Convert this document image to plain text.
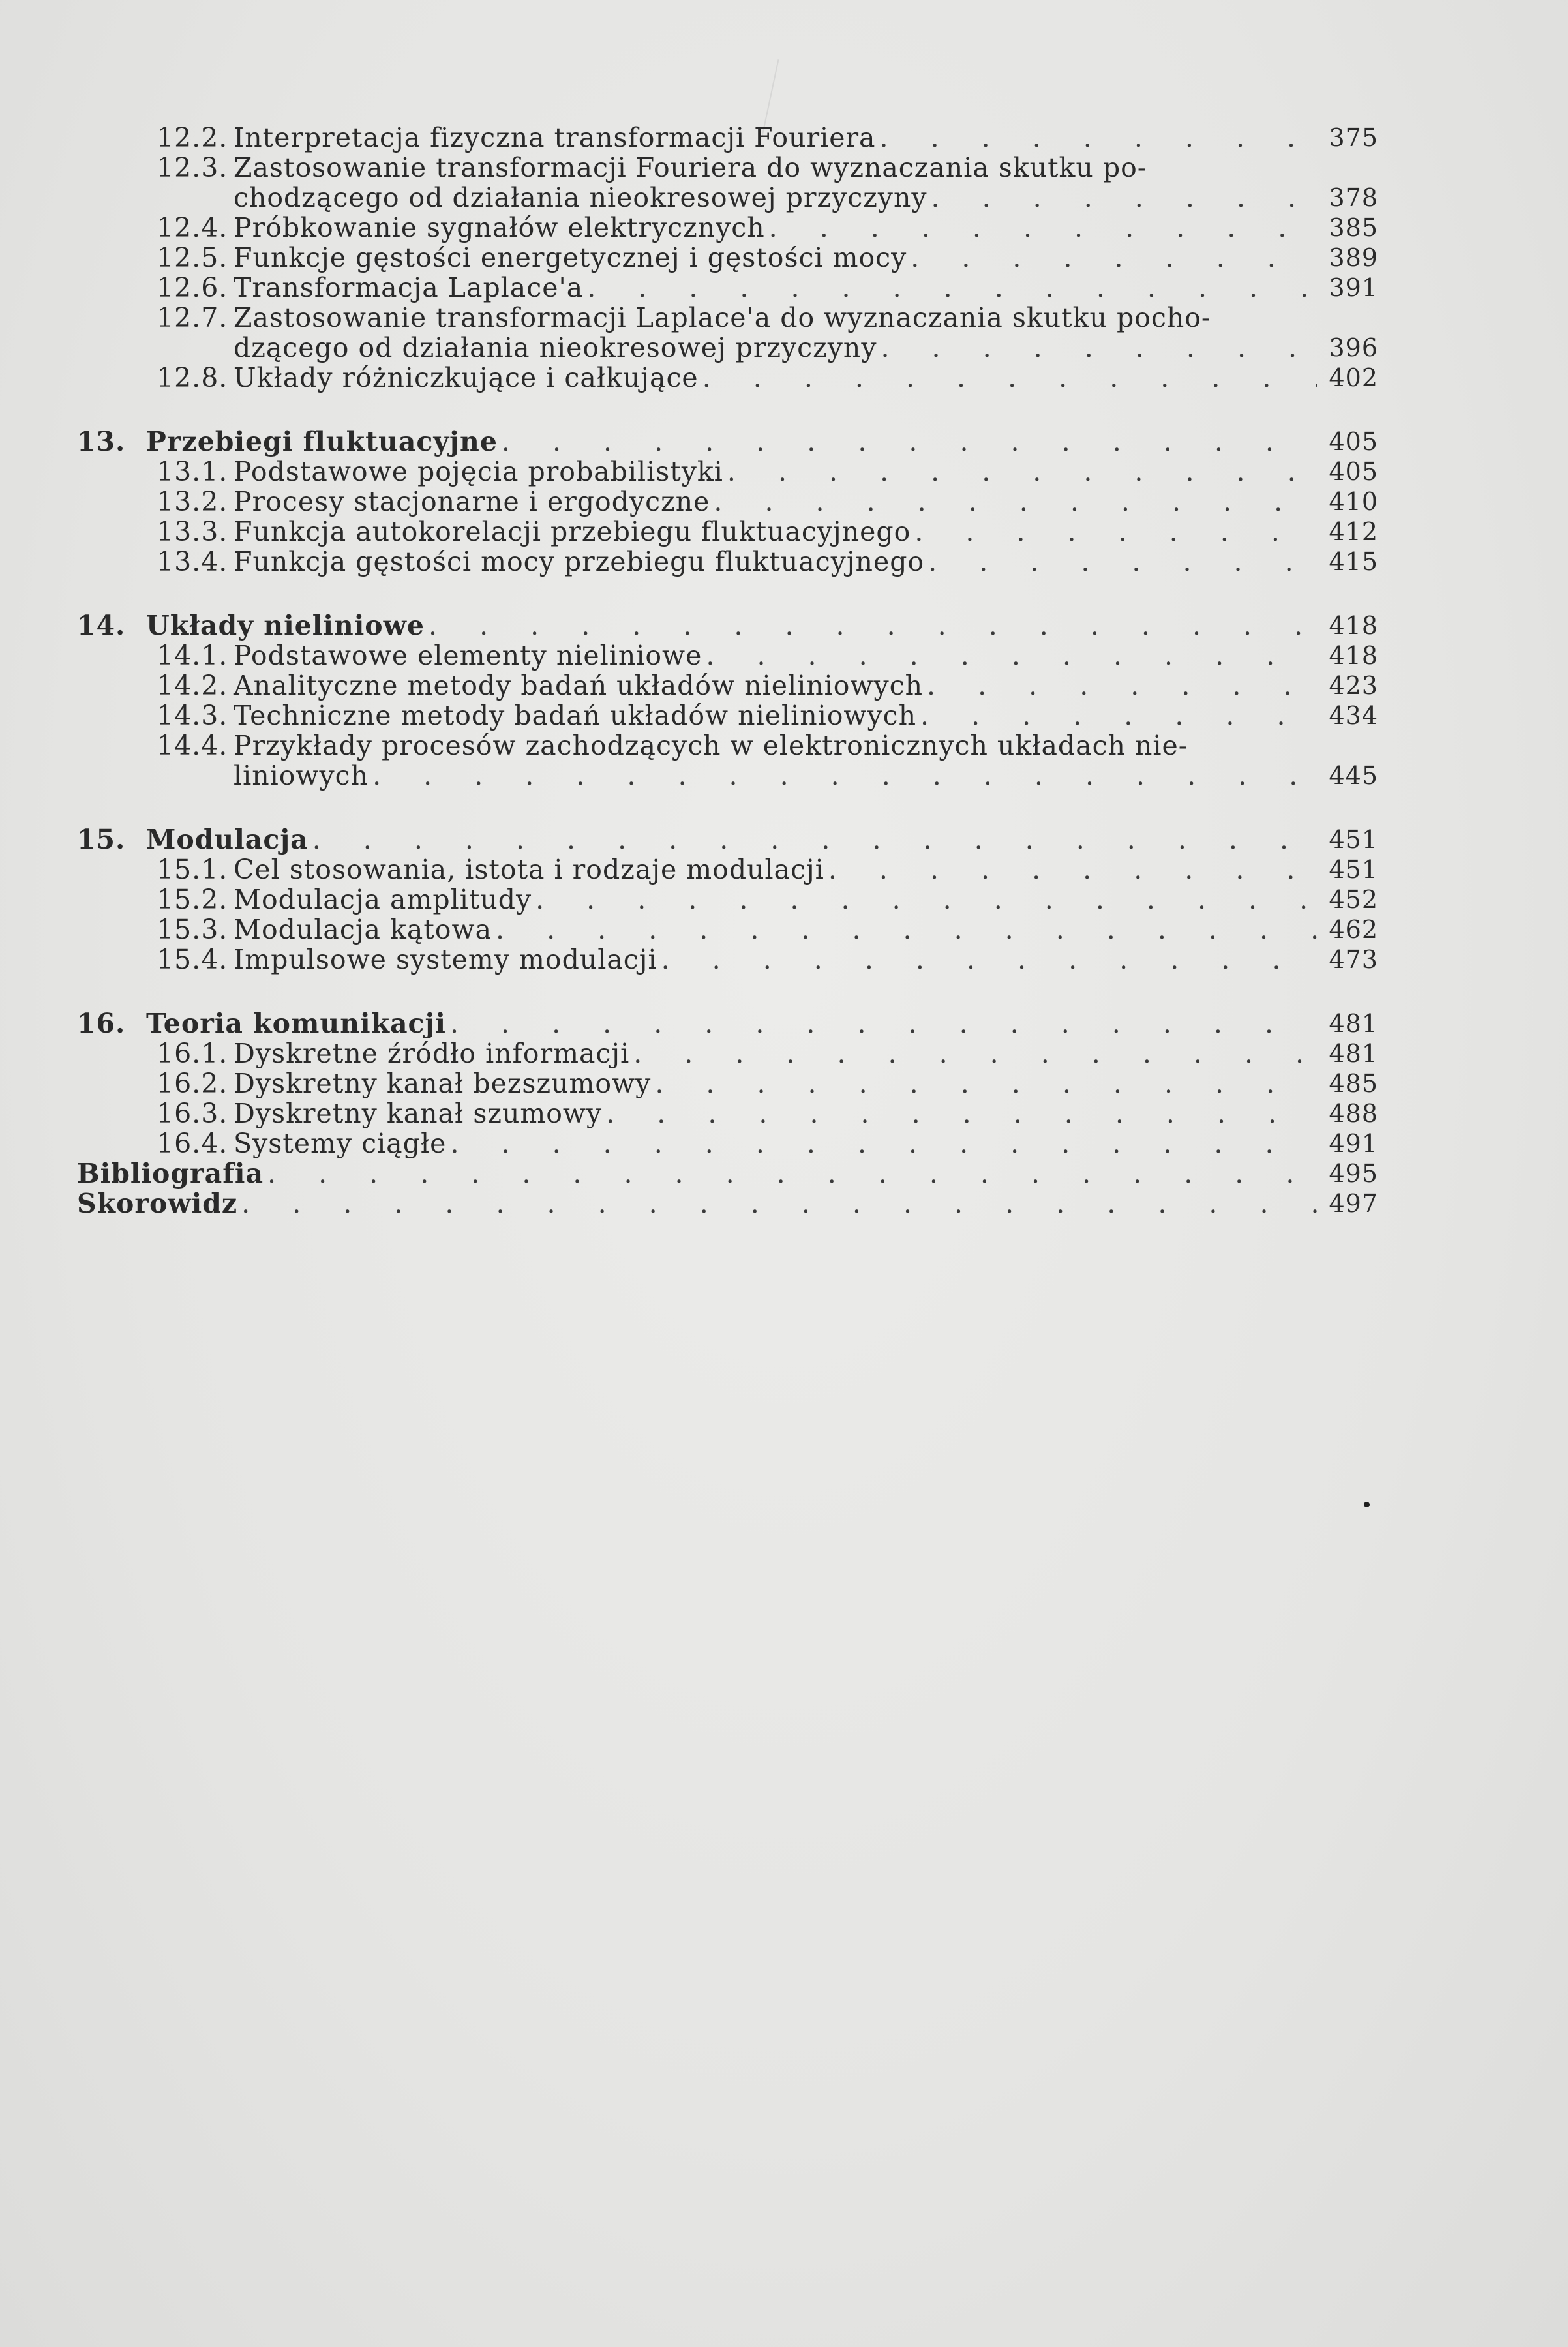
12.2. Interpretacja fizyczna transformacji Fouriera . . .	375
12.3. Zastosowanie transformacji Fouriera do wyznaczania skutku po-
chodzącego od działania nieokresowej przyczyny . . .	378
12.4. Próbkowanie sygnałów elektrycznych . . .	385
12.5. Funkcje gęstości energetycznej i gęstości mocy . . .	389
12.6. Transformacja Laplace'a . . .	391
12.7. Zastosowanie transformacji Laplace'a do wyznaczania skutku pocho-
dzącego od działania nieokresowej przyczyny . . .	396
12.8. Układy różniczkujące i całkujące . . .	402
13. Przebiegi fluktuacyjne . . .	405
13.1. Podstawowe pojęcia probabilistyki . . .	405
13.2. Procesy stacjonarne i ergodyczne . . .	410
13.3. Funkcja autokorelacji przebiegu fluktuacyjnego . . .	412
13.4. Funkcja gęstości mocy przebiegu fluktuacyjnego . . .	415
14. Układy nieliniowe . . .	418
14.1. Podstawowe elementy nieliniowe . . .	418
14.2. Analityczne metody badań układów nieliniowych . . .	423
14.3. Techniczne metody badań układów nieliniowych . . .	434
14.4. Przykłady procesów zachodzących w elektronicznych układach nie-
liniowych . . .	445
15. Modulacja . . .	451
15.1. Cel stosowania, istota i rodzaje modulacji . . .	451
15.2. Modulacja amplitudy . . .	452
15.3. Modulacja kątowa . . .	462
15.4. Impulsowe systemy modulacji . . .	473
16. Teoria komunikacji . . .	481
16.1. Dyskretne źródło informacji . . .	481
16.2. Dyskretny kanał bezszumowy . . .	485
16.3. Dyskretny kanał szumowy . . .	488
16.4. Systemy ciągłe . . .	491
Bibliografia . . .	495
Skorowidz . . .	497
